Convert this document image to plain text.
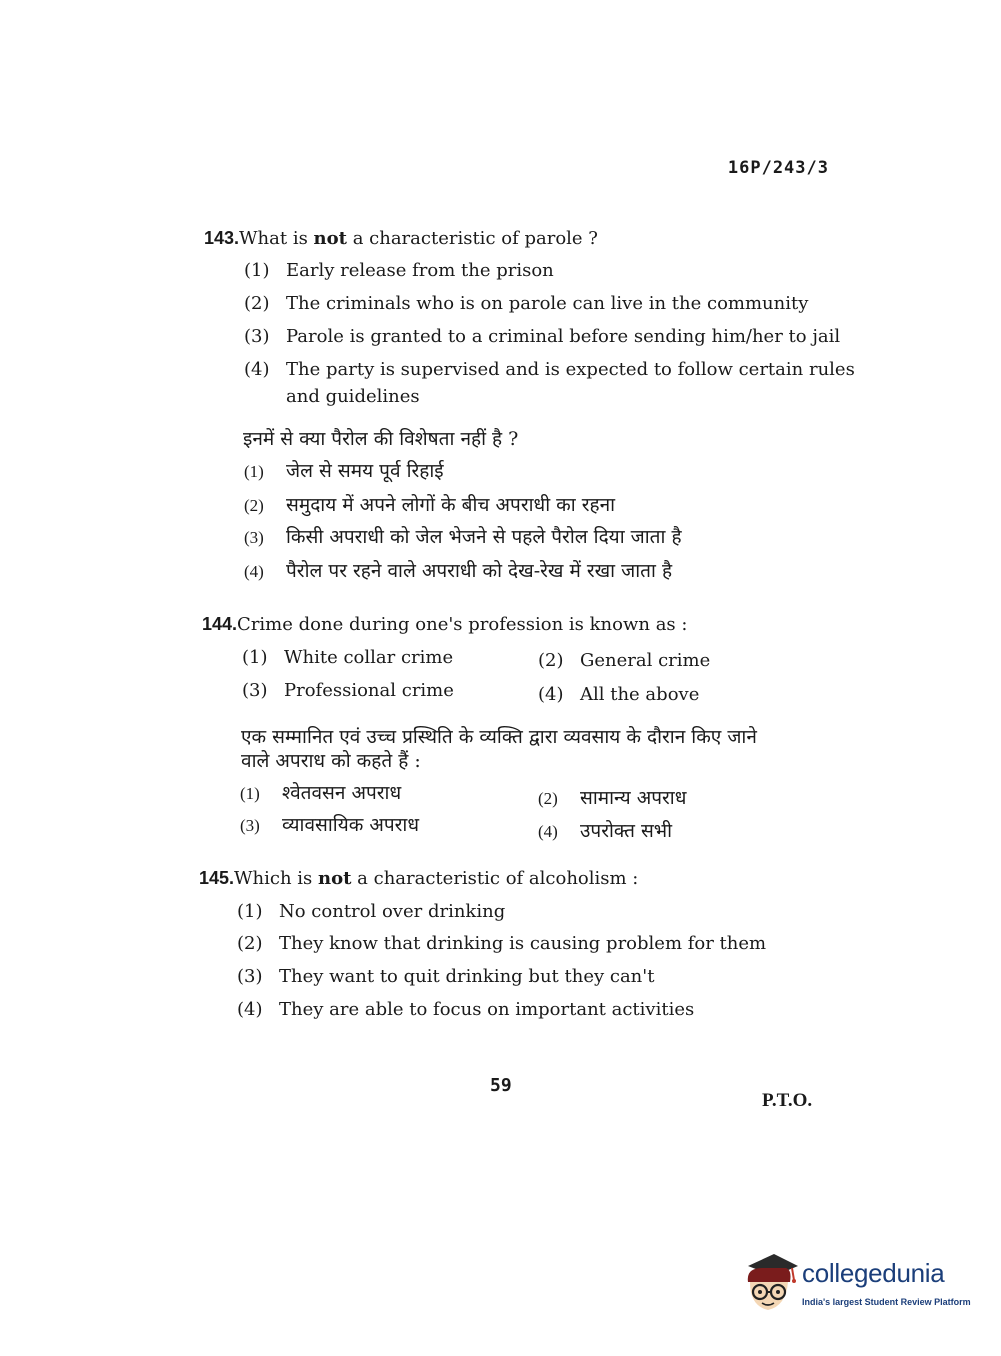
16P/243/3
143.What is not a characteristic of parole ?
(1) Early release from the prison
(2) The criminals who is on parole can live in the community
(3) Parole is granted to a criminal before sending him/her to jail
(4) The party is supervised and is expected to follow certain rules
and guidelines
इनमें से क्या पैरोल की विशेषता नहीं है ?
(1) जेल से समय पूर्व रिहाई
(2) समुदाय में अपने लोगों के बीच अपराधी का रहना
(3) किसी अपराधी को जेल भेजने से पहले पैरोल दिया जाता है
(4) पैरोल पर रहने वाले अपराधी को देख-रेख में रखा जाता है
144.Crime done during one's profession is known as :
(1) White collar crime	(2) General crime
(3) Professional crime	(4) All the above
एक सम्मानित एवं उच्च प्रस्थिति के व्यक्ति द्वारा व्यवसाय के दौरान किए जाने
वाले अपराध को कहते हैं :
(1) श्वेतवसन अपराध	(2) सामान्य अपराध
(3) व्यावसायिक अपराध	(4) उपरोक्त सभी
145.Which is not a characteristic of alcoholism :
(1) No control over drinking
(2) They know that drinking is causing problem for them
(3) They want to quit drinking but they can't
(4) They are able to focus on important activities
59
P.T.O.
collegedunia
India's largest Student Review Platform
